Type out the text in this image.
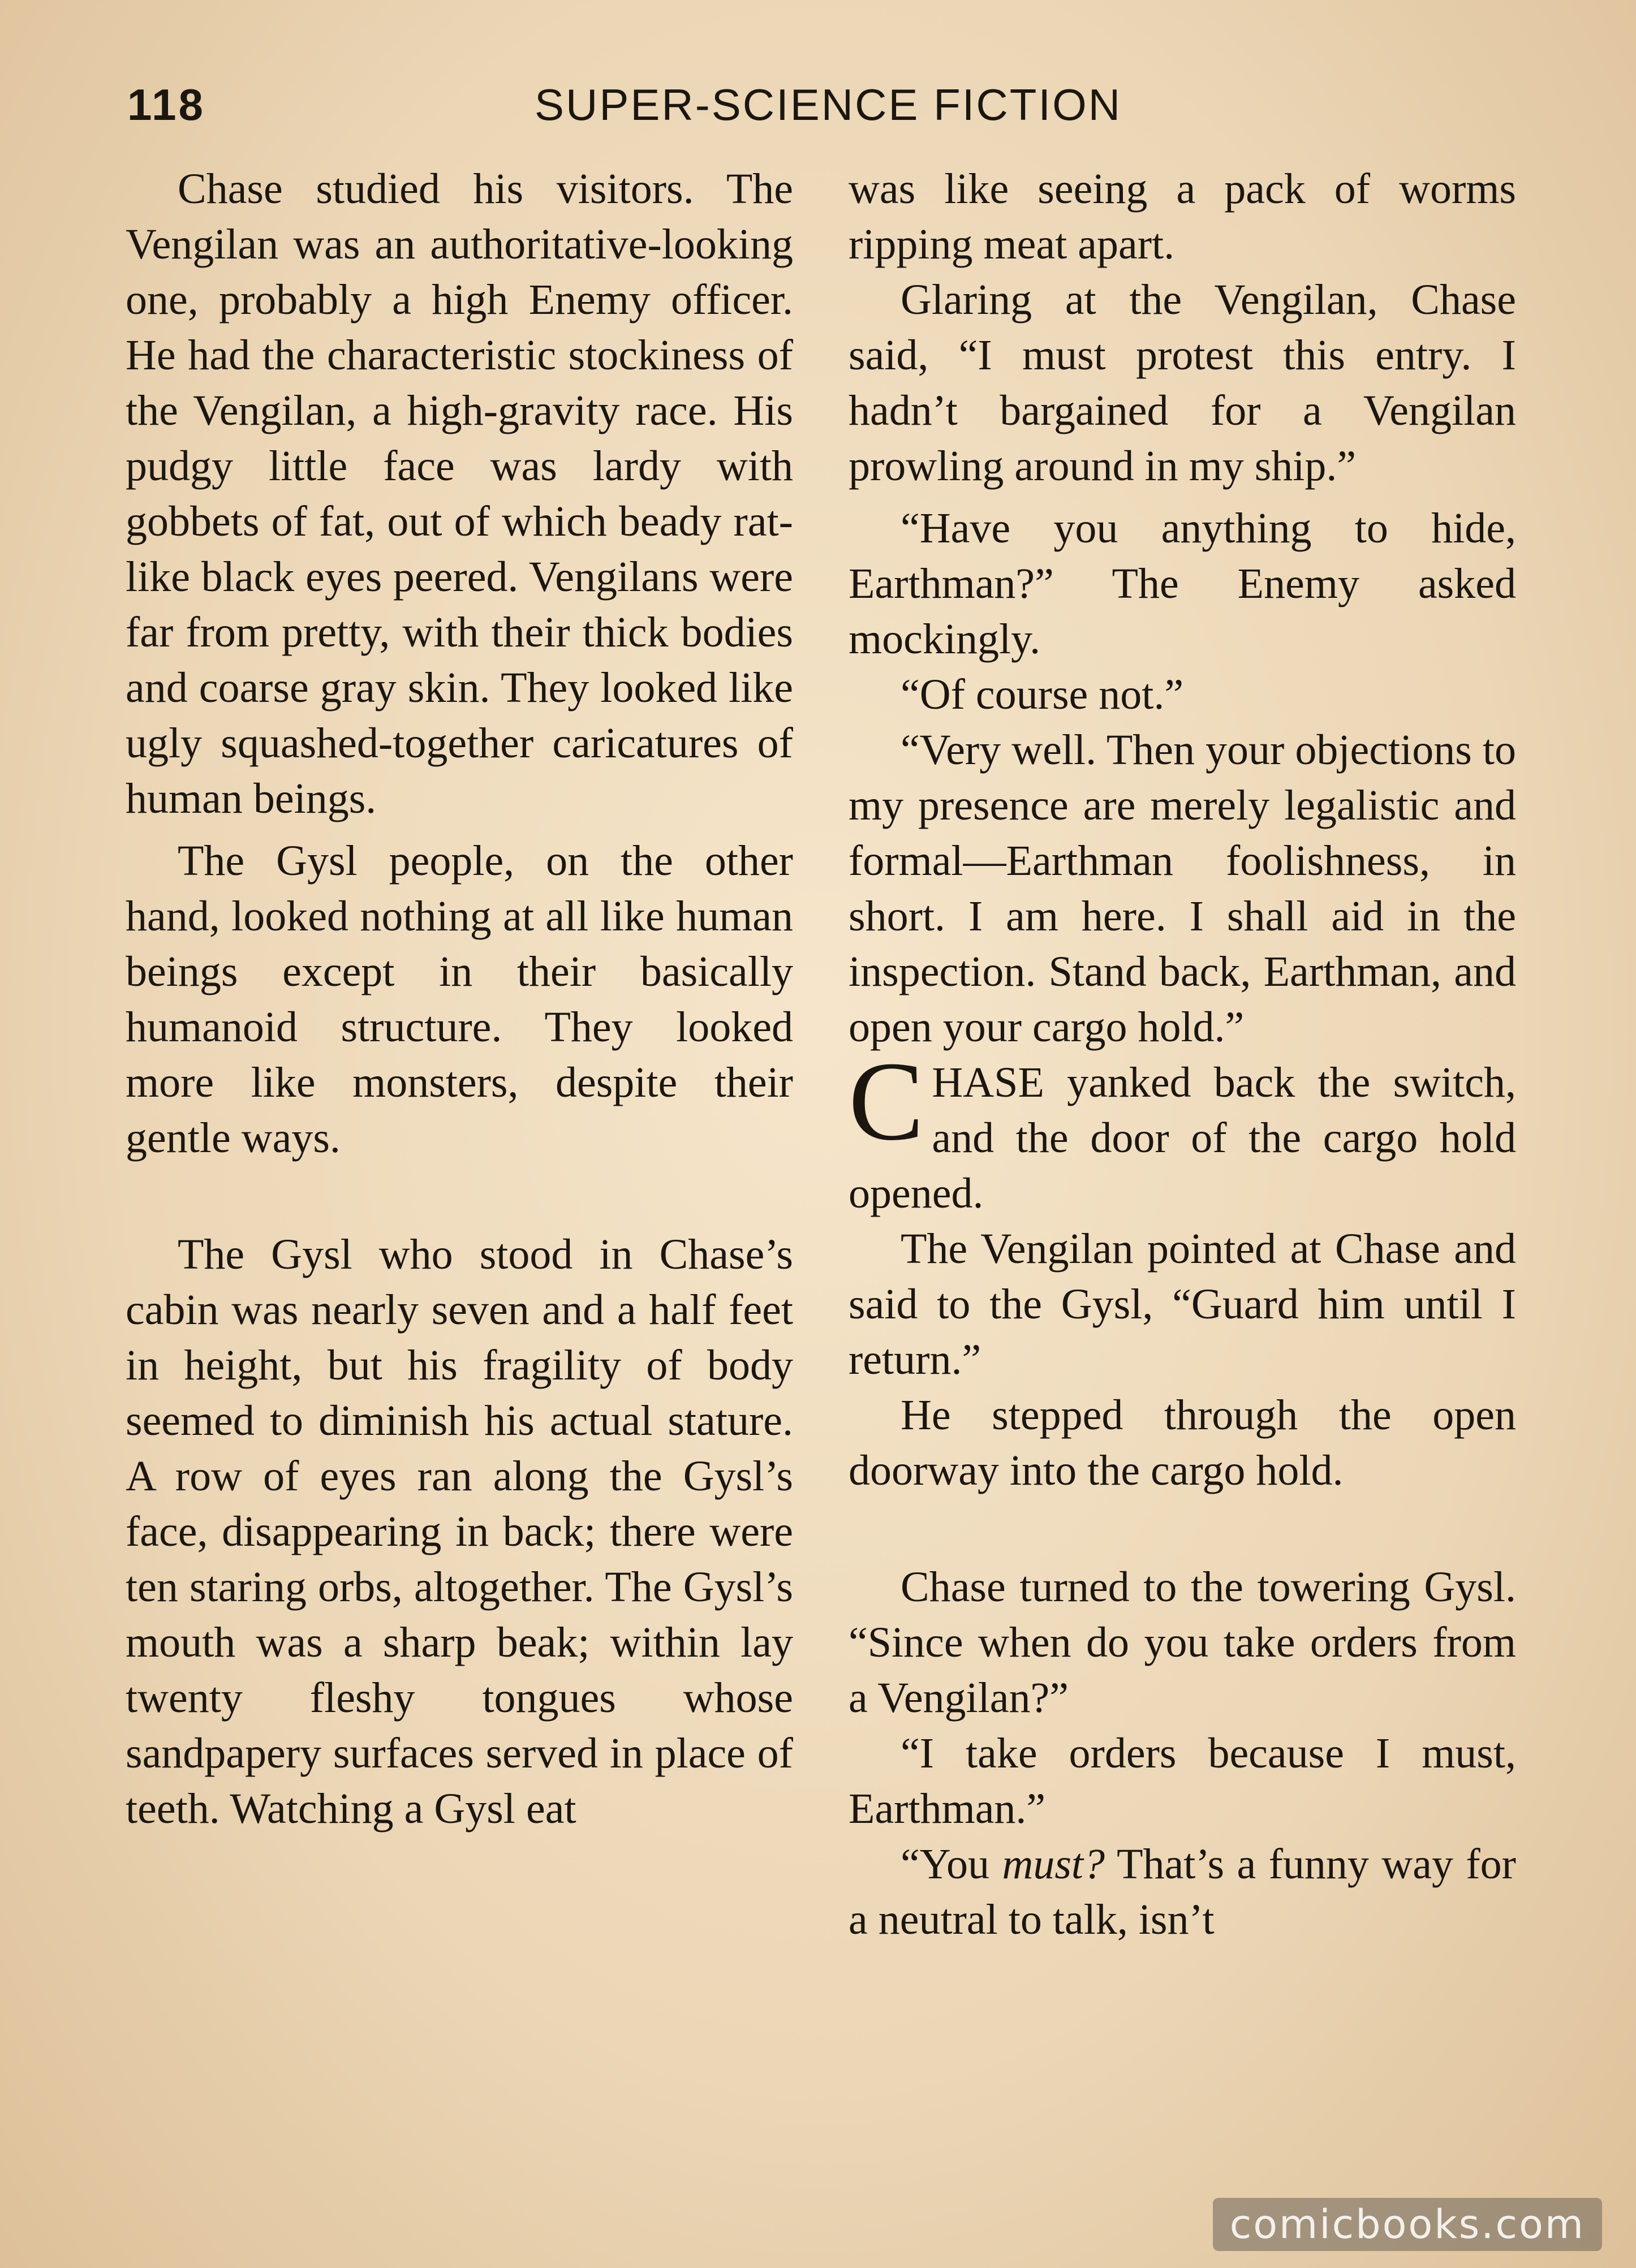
118	SUPER-SCIENCE FICTION

Chase studied his visitors. The Vengilan was an authoritative-looking one, probably a high Enemy officer. He had the characteristic stockiness of the Vengilan, a high-gravity race. His pudgy little face was lardy with gobbets of fat, out of which beady rat-like black eyes peered. Vengilans were far from pretty, with their thick bodies and coarse gray skin. They looked like ugly squashed-together caricatures of human beings.

The Gysl people, on the other hand, looked nothing at all like human beings except in their basically humanoid structure. They looked more like monsters, despite their gentle ways.

The Gysl who stood in Chase’s cabin was nearly seven and a half feet in height, but his fragility of body seemed to diminish his actual stature. A row of eyes ran along the Gysl’s face, disappearing in back; there were ten staring orbs, altogether. The Gysl’s mouth was a sharp beak; within lay twenty fleshy tongues whose sandpapery surfaces served in place of teeth. Watching a Gysl eat

was like seeing a pack of worms ripping meat apart.

Glaring at the Vengilan, Chase said, “I must protest this entry. I hadn’t bargained for a Vengilan prowling around in my ship.”

“Have you anything to hide, Earthman?” The Enemy asked mockingly.

“Of course not.”

“Very well. Then your objections to my presence are merely legalistic and formal—Earthman foolishness, in short. I am here. I shall aid in the inspection. Stand back, Earthman, and open your cargo hold.”

CHASE yanked back the switch, and the door of the cargo hold opened.

The Vengilan pointed at Chase and said to the Gysl, “Guard him until I return.”

He stepped through the open doorway into the cargo hold.

Chase turned to the towering Gysl. “Since when do you take orders from a Vengilan?”

“I take orders because I must, Earthman.”

“You must? That’s a funny way for a neutral to talk, isn’t

comicbooks.com
